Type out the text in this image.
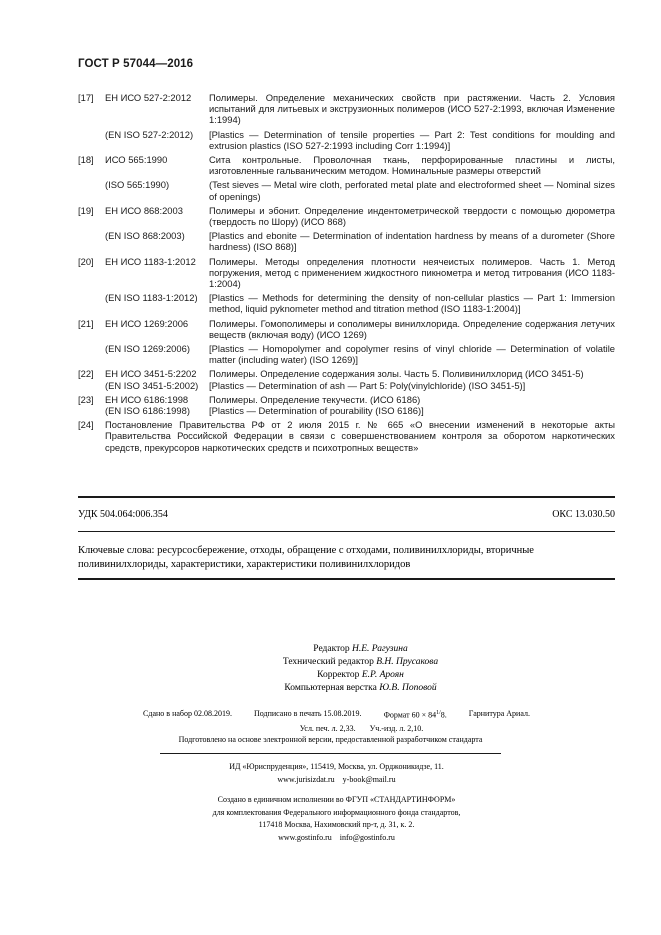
ГОСТ Р 57044—2016
[17]	ЕН ИСО 527-2:2012	Полимеры. Определение механических свойств при растяжении. Часть 2. Условия испытаний для литьевых и экструзионных полимеров (ИСО 527-2:1993, включая Изменение 1:1994)
(EN ISO 527-2:2012)	[Plastics — Determination of tensile properties — Part 2: Test conditions for moulding and extrusion plastics (ISO 527-2:1993 including Corr 1:1994)]
[18]	ИСО 565:1990	Сита контрольные. Проволочная ткань, перфорированные пластины и листы, изготовленные гальваническим методом. Номинальные размеры отверстий
(ISO 565:1990)	(Test sieves — Metal wire cloth, perforated metal plate and electroformed sheet — Nominal sizes of openings)
[19]	ЕН ИСО 868:2003	Полимеры и эбонит. Определение индентометрической твердости с помощью дюрометра (твердость по Шору) (ИСО 868)
(EN ISO 868:2003)	[Plastics and ebonite — Determination of indentation hardness by means of a durometer (Shore hardness) (ISO 868)]
[20]	ЕН ИСО 1183-1:2012	Полимеры. Методы определения плотности неячеистых полимеров. Часть 1. Метод погружения, метод с применением жидкостного пикнометра и метод титрования (ИСО 1183-1:2004)
(EN ISO 1183-1:2012)	[Plastics — Methods for determining the density of non-cellular plastics — Part 1: Immersion method, liquid pyknometer method and titration method (ISO 1183-1:2004)]
[21]	ЕН ИСО 1269:2006	Полимеры. Гомополимеры и сополимеры винилхлорида. Определение содержания летучих веществ (включая воду) (ИСО 1269)
(EN ISO 1269:2006)	[Plastics — Homopolymer and copolymer resins of vinyl chloride — Determination of volatile matter (including water) (ISO 1269)]
[22]	ЕН ИСО 3451-5:2202	Полимеры. Определение содержания золы. Часть 5. Поливинилхлорид (ИСО 3451-5)
(EN ISO 3451-5:2002)	[Plastics — Determination of ash — Part 5: Poly(vinylchloride) (ISO 3451-5)]
[23]	ЕН ИСО 6186:1998	Полимеры. Определение текучести. (ИСО 6186)
(EN ISO 6186:1998)	[Plastics — Determination of pourability (ISO 6186)]
[24]	Постановление Правительства РФ от 2 июля 2015 г. № 665 «О внесении изменений в некоторые акты Правительства Российской Федерации в связи с совершенствованием контроля за оборотом наркотических средств, прекурсоров наркотических средств и психотропных веществ»
УДК 504.064:006.354	ОКС 13.030.50
Ключевые слова: ресурсосбережение, отходы, обращение с отходами, поливинилхлориды, вторичные поливинилхлориды, характеристики, характеристики поливинилхлоридов
Редактор Н.Е. Рагузина
Технический редактор В.Н. Прусакова
Корректор Е.Р. Ароян
Компьютерная верстка Ю.В. Поповой
Сдано в набор 02.08.2019.	Подписано в печать 15.08.2019.	Формат $60 \times 84^{1/}8$.	Гарнитура Ариал.
Усл. печ. л. 2,33. Уч.-изд. л. 2,10.
Подготовлено на основе электронной версии, предоставленной разработчиком стандарта
ИД «Юриспруденция», 115419, Москва, ул. Орджоникидзе, 11.
www.jurisizdat.ru y-book@mail.ru
Создано в единичном исполнении во ФГУП «СТАНДАРТИНФОРМ»
для комплектования Федерального информационного фонда стандартов,
117418 Москва, Нахимовский пр-т, д. 31, к. 2.
www.gostinfo.ru info@gostinfo.ru
